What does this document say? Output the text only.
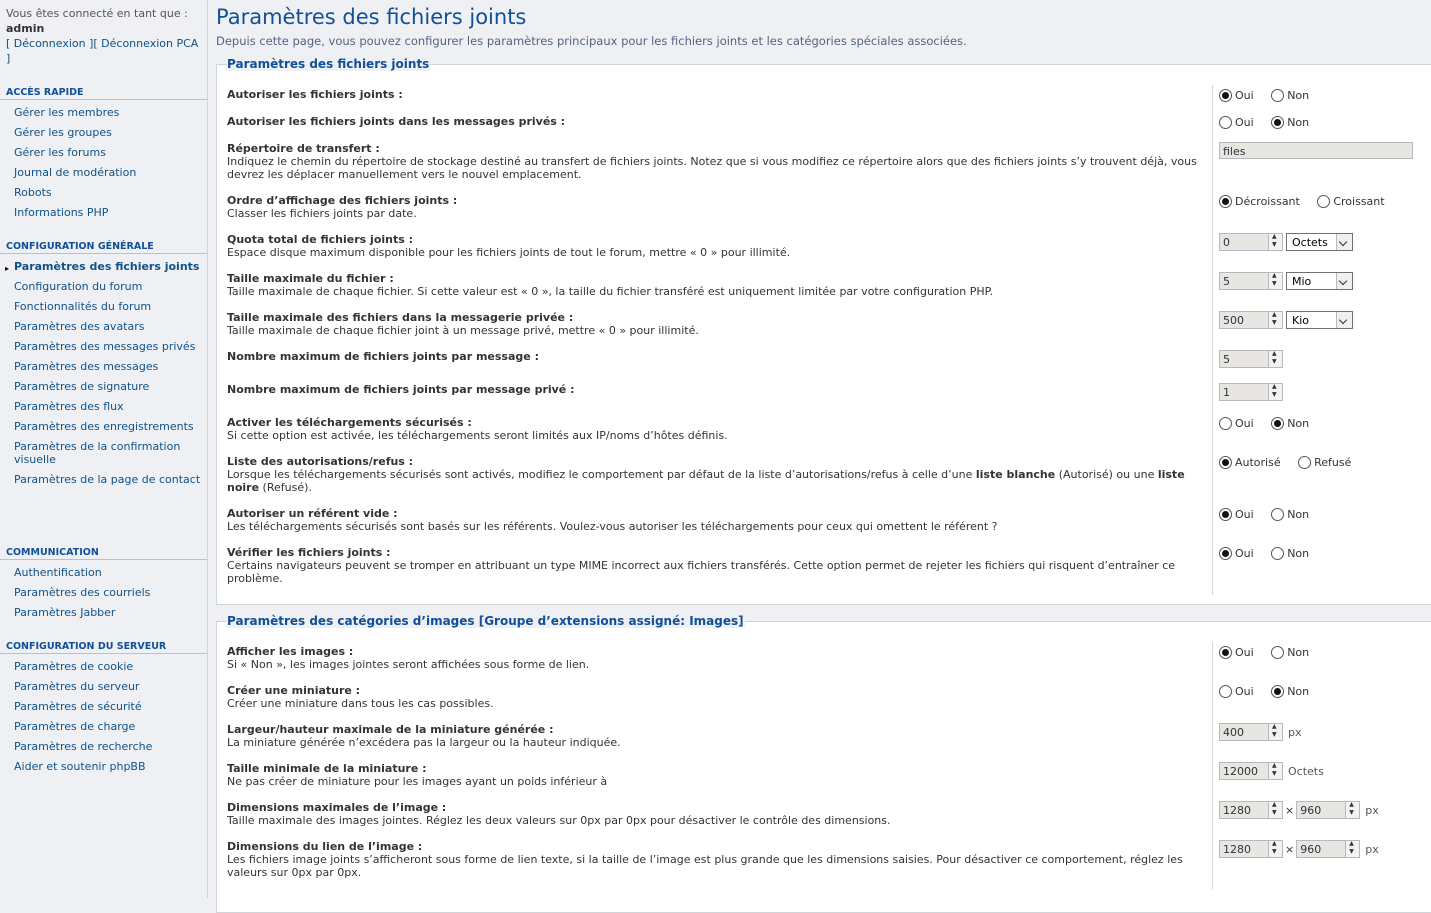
Vous êtes connecté en tant que :
admin
[ Déconnexion ][ Déconnexion PCA ]
ACCÈS RAPIDE
Gérer les membres
Gérer les groupes
Gérer les forums
Journal de modération
Robots
Informations PHP
CONFIGURATION GÉNÉRALE
▸ Paramètres des fichiers joints
Configuration du forum
Fonctionnalités du forum
Paramètres des avatars
Paramètres des messages privés
Paramètres des messages
Paramètres de signature
Paramètres des flux
Paramètres des enregistrements
Paramètres de la confirmation visuelle
Paramètres de la page de contact
COMMUNICATION
Authentification
Paramètres des courriels
Paramètres Jabber
CONFIGURATION DU SERVEUR
Paramètres de cookie
Paramètres du serveur
Paramètres de sécurité
Paramètres de charge
Paramètres de recherche
Aider et soutenir phpBB
Paramètres des fichiers joints
Depuis cette page, vous pouvez configurer les paramètres principaux pour les fichiers joints et les catégories spéciales associées.
Paramètres des fichiers joints
Autoriser les fichiers joints :	Oui	Non
Autoriser les fichiers joints dans les messages privés :	Oui	Non
Répertoire de transfert :
Indiquez le chemin du répertoire de stockage destiné au transfert de fichiers joints. Notez que si vous modifiez ce répertoire alors que des fichiers joints s’y trouvent déjà, vous devrez les déplacer manuellement vers le nouvel emplacement.
files
Ordre d’affichage des fichiers joints :
Classer les fichiers joints par date.
Décroissant	Croissant
Quota total de fichiers joints :
Espace disque maximum disponible pour les fichiers joints de tout le forum, mettre « 0 » pour illimité.
0 ▲ ▼	Octets
Taille maximale du fichier :
Taille maximale de chaque fichier. Si cette valeur est « 0 », la taille du fichier transféré est uniquement limitée par votre configuration PHP.
5 ▲ ▼	Mio
Taille maximale des fichiers dans la messagerie privée :
Taille maximale de chaque fichier joint à un message privé, mettre « 0 » pour illimité.
500 ▲ ▼	Kio
Nombre maximum de fichiers joints par message :	5
▲ ▼
Nombre maximum de fichiers joints par message privé :	1
▲ ▼
Activer les téléchargements sécurisés :
Si cette option est activée, les téléchargements seront limités aux IP/noms d’hôtes définis.
Oui	Non
Liste des autorisations/refus :
Lorsque les téléchargements sécurisés sont activés, modifiez le comportement par défaut de la liste d’autorisations/refus à celle d’une liste blanche (Autorisé) ou une liste noire (Refusé).
Autorisé	Refusé
Autoriser un référent vide :
Les téléchargements sécurisés sont basés sur les référents. Voulez-vous autoriser les téléchargements pour ceux qui omettent le référent ?
Oui	Non
Vérifier les fichiers joints :
Certains navigateurs peuvent se tromper en attribuant un type MIME incorrect aux fichiers transférés. Cette option permet de rejeter les fichiers qui risquent d’entraîner ce problème.
Oui	Non
Paramètres des catégories d’images [Groupe d’extensions assigné: Images]
Afficher les images :
Si « Non », les images jointes seront affichées sous forme de lien.
Oui	Non
Créer une miniature :
Créer une miniature dans tous les cas possibles.
Oui	Non
Largeur/hauteur maximale de la miniature générée :
La miniature générée n’excédera pas la largeur ou la hauteur indiquée.
400 ▲ ▼	px
Taille minimale de la miniature :
Ne pas créer de miniature pour les images ayant un poids inférieur à
12000 ▲ ▼	Octets
Dimensions maximales de l’image :
Taille maximale des images jointes. Réglez les deux valeurs sur 0px par 0px pour désactiver le contrôle des dimensions.
1280 ▲ ▼	× 960 ▲ ▼	px
Dimensions du lien de l’image :
Les fichiers image joints s’afficheront sous forme de lien texte, si la taille de l’image est plus grande que les dimensions saisies. Pour désactiver ce comportement, réglez les valeurs sur 0px par 0px.
1280 ▲ ▼	× 960 ▲ ▼	px
